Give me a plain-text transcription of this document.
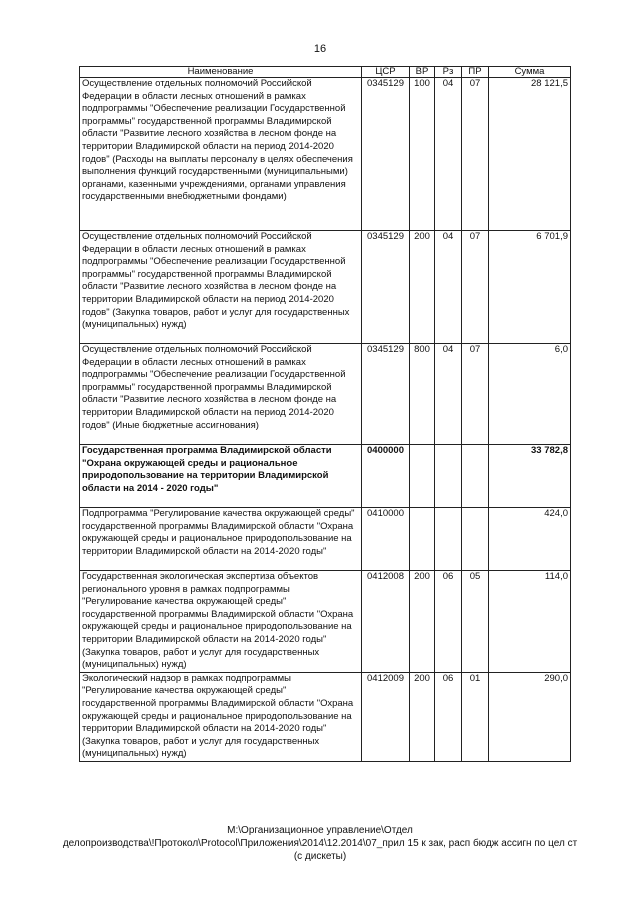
16
Наименование	ЦСР	ВР	Рз	ПР	Сумма
Осуществление отдельных полномочий Российской Федерации в области лесных отношений в рамках подпрограммы "Обеспечение реализации Государственной программы" государственной программы Владимирской области "Развитие лесного хозяйства в лесном фонде на территории Владимирской области на период 2014-2020 годов" (Расходы на выплаты персоналу в целях обеспечения выполнения функций государственными (муниципальными) органами, казенными учреждениями, органами управления государственными внебюджетными фондами)	0345129	100	04	07	28 121,5
Осуществление отдельных полномочий Российской Федерации в области лесных отношений в рамках подпрограммы "Обеспечение реализации Государственной программы" государственной программы Владимирской области "Развитие лесного хозяйства в лесном фонде на территории Владимирской области на период 2014-2020 годов" (Закупка товаров, работ и услуг для государственных (муниципальных) нужд)	0345129	200	04	07	6 701,9
Осуществление отдельных полномочий Российской Федерации в области лесных отношений в рамках подпрограммы "Обеспечение реализации Государственной программы" государственной программы Владимирской области "Развитие лесного хозяйства в лесном фонде на территории Владимирской области на период 2014-2020 годов" (Иные бюджетные ассигнования)	0345129	800	04	07	6,0
Государственная программа Владимирской области "Охрана окружающей среды и рациональное природопользование на территории Владимирской области на 2014 - 2020 годы"	0400000				33 782,8
Подпрограмма "Регулирование качества окружающей среды" государственной программы Владимирской области "Охрана окружающей среды и рациональное природопользование на территории Владимирской области на 2014-2020 годы"	0410000				424,0
Государственная экологическая экспертиза объектов регионального уровня в рамках подпрограммы "Регулирование качества окружающей среды" государственной программы Владимирской области "Охрана окружающей среды и рациональное природопользование на территории Владимирской области на 2014-2020 годы" (Закупка товаров, работ и услуг для государственных (муниципальных) нужд)	0412008	200	06	05	114,0
Экологический надзор в рамках подпрограммы "Регулирование качества окружающей среды" государственной программы Владимирской области "Охрана окружающей среды и рациональное природопользование на территории Владимирской области на 2014-2020 годы" (Закупка товаров, работ и услуг для государственных (муниципальных) нужд)	0412009	200	06	01	290,0
М:\Организационное управление\Отдел
делопроизводства\!Протокол\Protocol\Приложения\2014\12.2014\07_прил 15 к зак, расп бюдж ассигн по цел ст
(с дискеты)
